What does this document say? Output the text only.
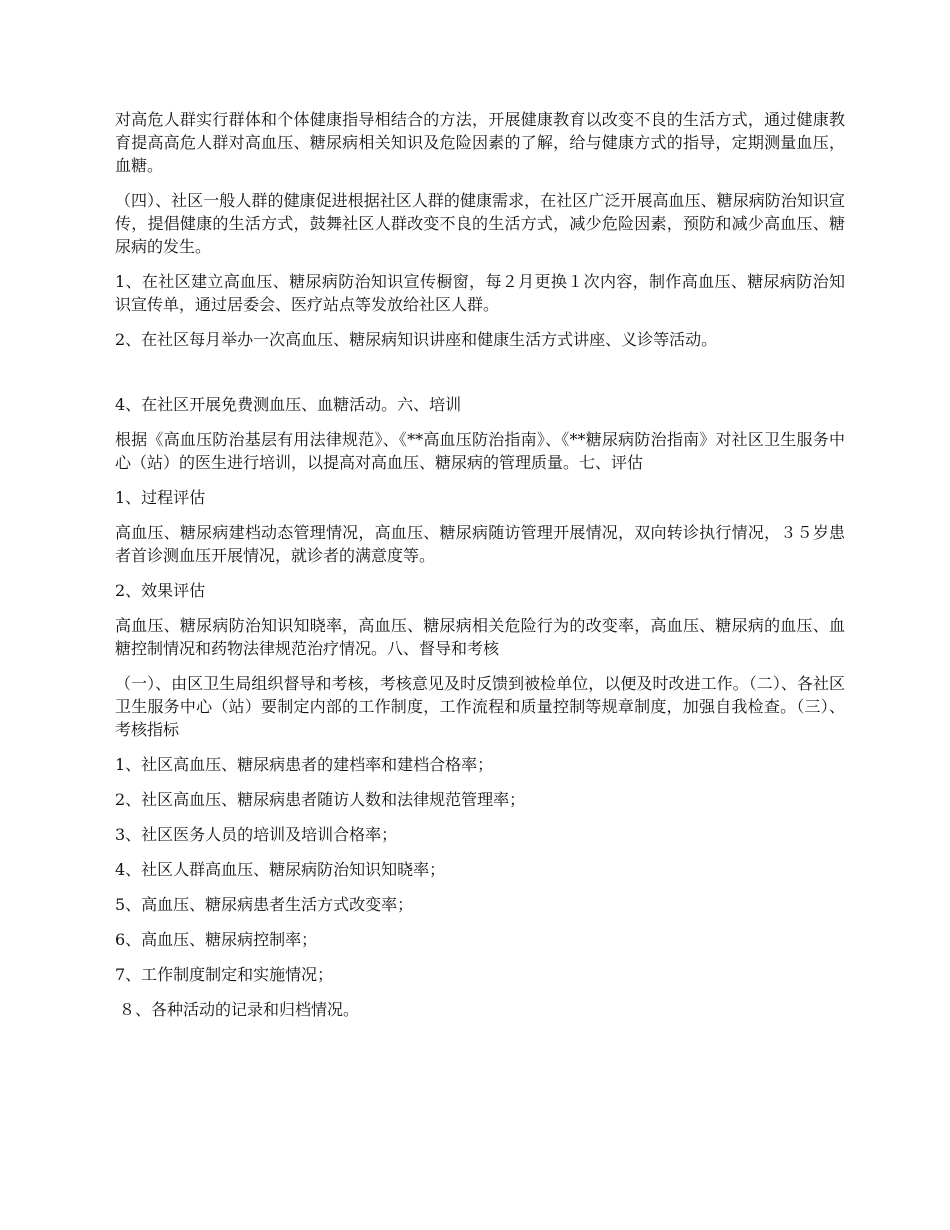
对高危人群实行群体和个体健康指导相结合的方法，开展健康教育以改变不良的生活方式，通过健康教育提高高危人群对高血压、糖尿病相关知识及危险因素的了解，给与健康方式的指导，定期测量血压，血糖。

（四）、社区一般人群的健康促进根据社区人群的健康需求，在社区广泛开展高血压、糖尿病防治知识宣传，提倡健康的生活方式，鼓舞社区人群改变不良的生活方式，减少危险因素，预防和减少高血压、糖尿病的发生。

1、在社区建立高血压、糖尿病防治知识宣传橱窗，每２月更换１次内容，制作高血压、糖尿病防治知识宣传单，通过居委会、医疗站点等发放给社区人群。

2、在社区每月举办一次高血压、糖尿病知识讲座和健康生活方式讲座、义诊等活动。

4、在社区开展免费测血压、血糖活动。六、培训

根据《高血压防治基层有用法律规范》、《**高血压防治指南》、《**糖尿病防治指南》对社区卫生服务中心（站）的医生进行培训，以提高对高血压、糖尿病的管理质量。七、评估

1、过程评估

高血压、糖尿病建档动态管理情况，高血压、糖尿病随访管理开展情况，双向转诊执行情况，３５岁患者首诊测血压开展情况，就诊者的满意度等。

2、效果评估

高血压、糖尿病防治知识知晓率，高血压、糖尿病相关危险行为的改变率，高血压、糖尿病的血压、血糖控制情况和药物法律规范治疗情况。八、督导和考核

（一）、由区卫生局组织督导和考核，考核意见及时反馈到被检单位，以便及时改进工作。（二）、各社区卫生服务中心（站）要制定内部的工作制度，工作流程和质量控制等规章制度，加强自我检查。（三）、考核指标

1、社区高血压、糖尿病患者的建档率和建档合格率；

2、社区高血压、糖尿病患者随访人数和法律规范管理率；

3、社区医务人员的培训及培训合格率；

4、社区人群高血压、糖尿病防治知识知晓率；

5、高血压、糖尿病患者生活方式改变率；

6、高血压、糖尿病控制率；

7、工作制度制定和实施情况；

８、各种活动的记录和归档情况。
